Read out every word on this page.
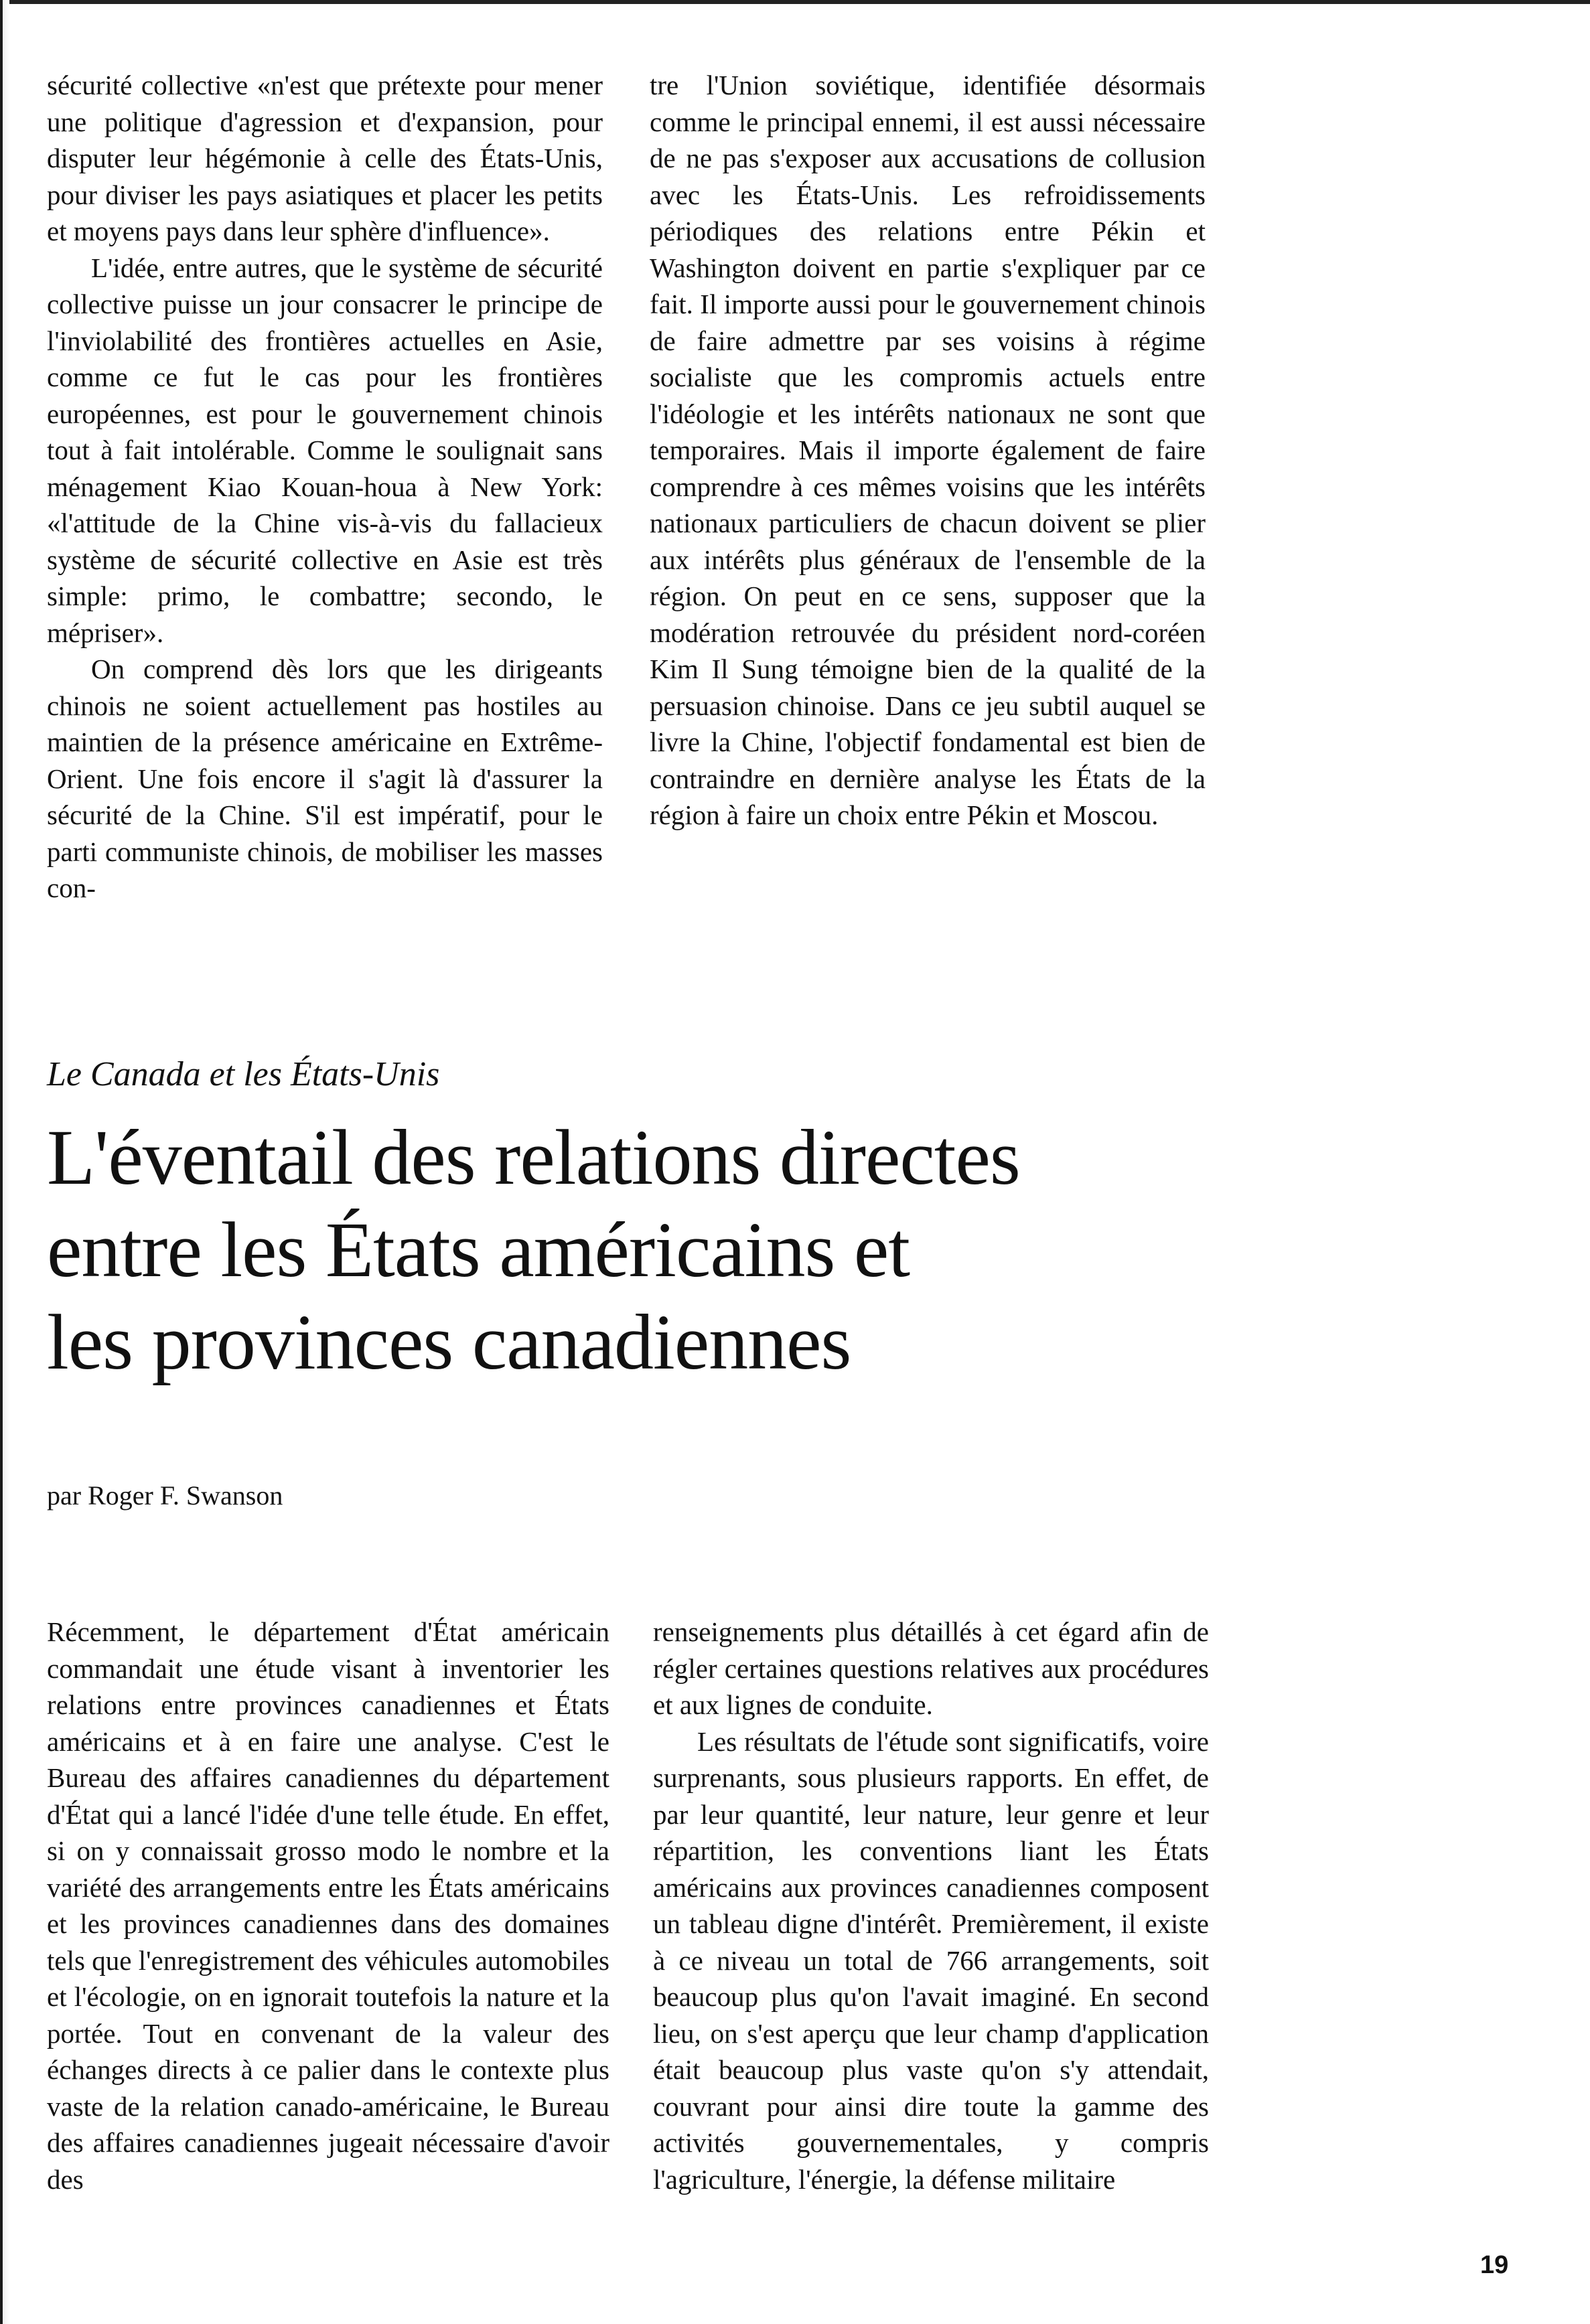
sécurité collective «n'est que prétexte pour mener une politique d'agression et d'expansion, pour disputer leur hégémonie à celle des États-Unis, pour diviser les pays asiatiques et placer les petits et moyens pays dans leur sphère d'influence».

L'idée, entre autres, que le système de sécurité collective puisse un jour consacrer le principe de l'inviolabilité des frontières actuelles en Asie, comme ce fut le cas pour les frontières européennes, est pour le gouvernement chinois tout à fait intolérable. Comme le soulignait sans ménagement Kiao Kouan-houa à New York: «l'attitude de la Chine vis-à-vis du fallacieux système de sécurité collective en Asie est très simple: primo, le combattre; secondo, le mépriser».

On comprend dès lors que les dirigeants chinois ne soient actuellement pas hostiles au maintien de la présence américaine en Extrême-Orient. Une fois encore il s'agit là d'assurer la sécurité de la Chine. S'il est impératif, pour le parti communiste chinois, de mobiliser les masses con-

tre l'Union soviétique, identifiée désormais comme le principal ennemi, il est aussi nécessaire de ne pas s'exposer aux accusations de collusion avec les États-Unis. Les refroidissements périodiques des relations entre Pékin et Washington doivent en partie s'expliquer par ce fait. Il importe aussi pour le gouvernement chinois de faire admettre par ses voisins à régime socialiste que les compromis actuels entre l'idéologie et les intérêts nationaux ne sont que temporaires. Mais il importe également de faire comprendre à ces mêmes voisins que les intérêts nationaux particuliers de chacun doivent se plier aux intérêts plus généraux de l'ensemble de la région. On peut en ce sens, supposer que la modération retrouvée du président nord-coréen Kim Il Sung témoigne bien de la qualité de la persuasion chinoise. Dans ce jeu subtil auquel se livre la Chine, l'objectif fondamental est bien de contraindre en dernière analyse les États de la région à faire un choix entre Pékin et Moscou.

Le Canada et les États-Unis
L'éventail des relations directes
entre les États américains et
les provinces canadiennes
par Roger F. Swanson

Récemment, le département d'État américain commandait une étude visant à inventorier les relations entre provinces canadiennes et États américains et à en faire une analyse. C'est le Bureau des affaires canadiennes du département d'État qui a lancé l'idée d'une telle étude. En effet, si on y connaissait grosso modo le nombre et la variété des arrangements entre les États américains et les provinces canadiennes dans des domaines tels que l'enregistrement des véhicules automobiles et l'écologie, on en ignorait toutefois la nature et la portée. Tout en convenant de la valeur des échanges directs à ce palier dans le contexte plus vaste de la relation canado-américaine, le Bureau des affaires canadiennes jugeait nécessaire d'avoir des

renseignements plus détaillés à cet égard afin de régler certaines questions relatives aux procédures et aux lignes de conduite.

Les résultats de l'étude sont significatifs, voire surprenants, sous plusieurs rapports. En effet, de par leur quantité, leur nature, leur genre et leur répartition, les conventions liant les États américains aux provinces canadiennes composent un tableau digne d'intérêt. Premièrement, il existe à ce niveau un total de 766 arrangements, soit beaucoup plus qu'on l'avait imaginé. En second lieu, on s'est aperçu que leur champ d'application était beaucoup plus vaste qu'on s'y attendait, couvrant pour ainsi dire toute la gamme des activités gouvernementales, y compris l'agriculture, l'énergie, la défense militaire

19
